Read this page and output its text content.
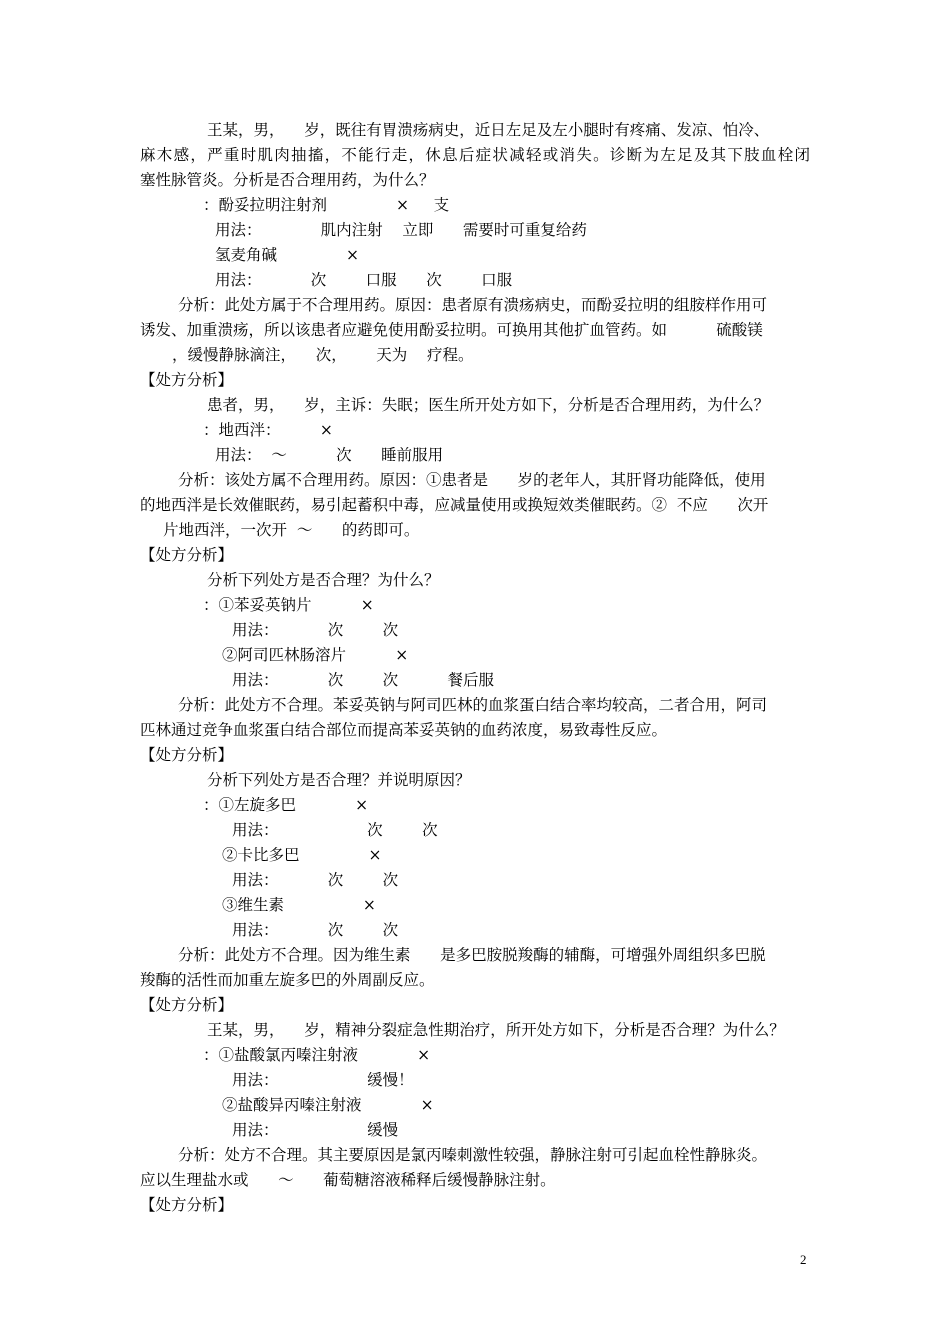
王某，男，    岁，既往有胃溃疡病史，近日左足及左小腿时有疼痛、发凉、怕冷、
麻木感，严重时肌肉抽搐，不能行走，休息后症状减轻或消失。诊断为左足及其下肢血栓闭
塞性脉管炎。分析是否合理用药，为什么？
：酚妥拉明注射剂              ×     支
用法：            肌内注射    立即      需要时可重复给药
氢麦角碱              ×
用法：          次        口服      次        口服
分析：此处方属于不合理用药。原因：患者原有溃疡病史，而酚妥拉明的组胺样作用可
诱发、加重溃疡，所以该患者应避免使用酚妥拉明。可换用其他扩血管药。如          硫酸镁
，缓慢静脉滴注，    次，      天为    疗程。
【处方分析】
患者，男，    岁，主诉：失眠；医生所开处方如下，分析是否合理用药，为什么？
：地西泮：        ×
用法：  ～          次      睡前服用
分析：该处方属不合理用药。原因：①患者是      岁的老年人，其肝肾功能降低，使用
的地西泮是长效催眠药，易引起蓄积中毒，应减量使用或换短效类催眠药。②  不应      次开
片地西泮，一次开  ～      的药即可。
【处方分析】
分析下列处方是否合理？为什么？
：①苯妥英钠片          ×
用法：          次        次
②阿司匹林肠溶片          ×
用法：          次        次          餐后服
分析：此处方不合理。苯妥英钠与阿司匹林的血浆蛋白结合率均较高，二者合用，阿司
匹林通过竞争血浆蛋白结合部位而提高苯妥英钠的血药浓度，易致毒性反应。
【处方分析】
分析下列处方是否合理？并说明原因？
：①左旋多巴            ×
用法：                  次        次
②卡比多巴              ×
用法：          次        次
③维生素                ×
用法：          次        次
分析：此处方不合理。因为维生素      是多巴胺脱羧酶的辅酶，可增强外周组织多巴脱
羧酶的活性而加重左旋多巴的外周副反应。
【处方分析】
王某，男，    岁，精神分裂症急性期治疗，所开处方如下，分析是否合理？为什么？
：①盐酸氯丙嗪注射液            ×
用法：                  缓慢！
②盐酸异丙嗪注射液            ×
用法：                  缓慢
分析：处方不合理。其主要原因是氯丙嗪刺激性较强，静脉注射可引起血栓性静脉炎。
应以生理盐水或      ～      葡萄糖溶液稀释后缓慢静脉注射。
【处方分析】
2
